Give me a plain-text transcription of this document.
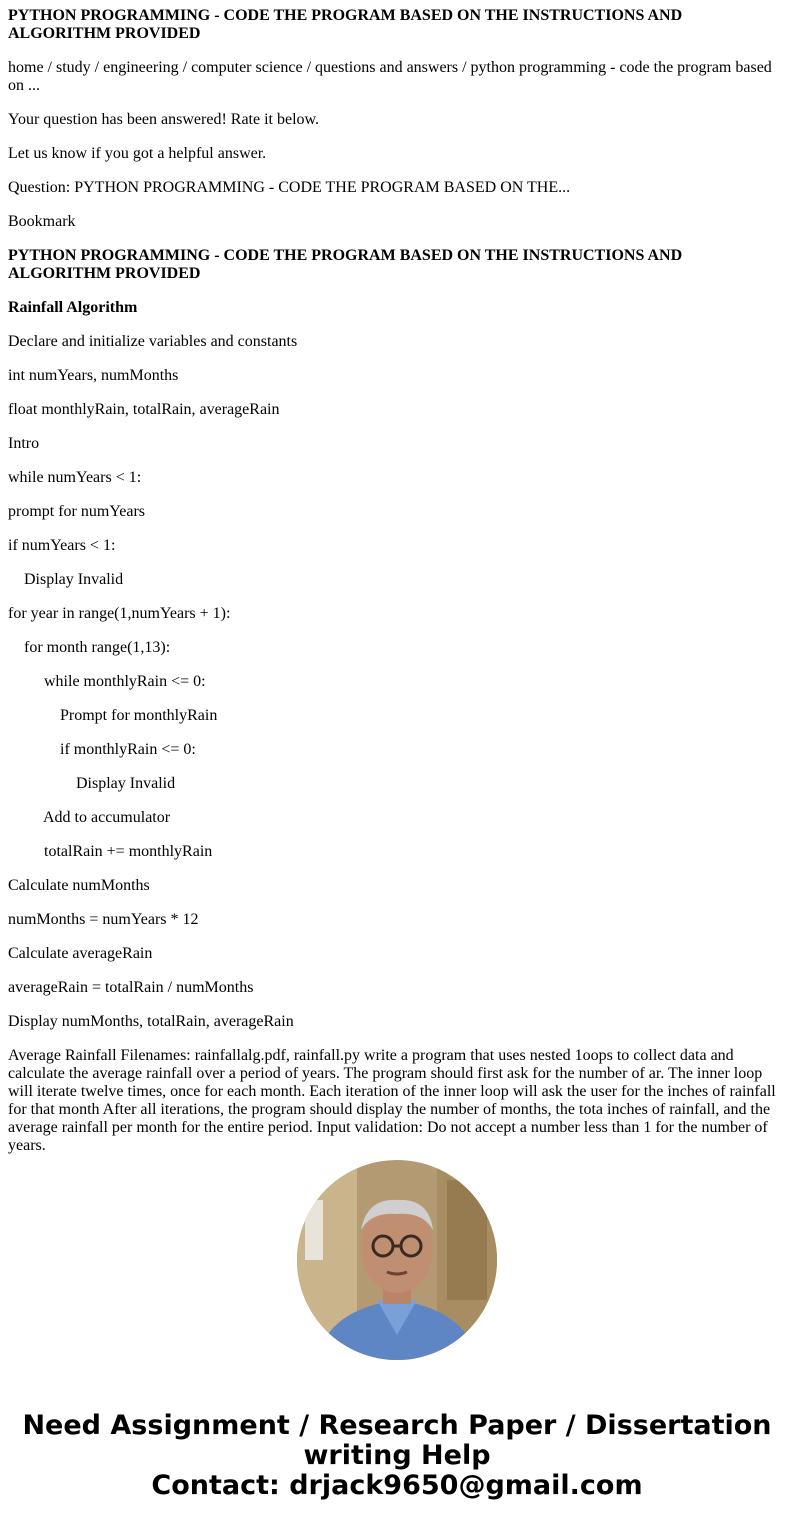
PYTHON PROGRAMMING - CODE THE PROGRAM BASED ON THE INSTRUCTIONS AND ALGORITHM PROVIDED

home / study / engineering / computer science / questions and answers / python programming - code the program based on ...

Your question has been answered! Rate it below.

Let us know if you got a helpful answer.

Question: PYTHON PROGRAMMING - CODE THE PROGRAM BASED ON THE...

Bookmark

PYTHON PROGRAMMING - CODE THE PROGRAM BASED ON THE INSTRUCTIONS AND ALGORITHM PROVIDED

Rainfall Algorithm

Declare and initialize variables and constants

int numYears, numMonths

float monthlyRain, totalRain, averageRain

Intro

while numYears < 1:

prompt for numYears

if numYears < 1:

Display Invalid

for year in range(1,numYears + 1):

for month range(1,13):

while monthlyRain <= 0:

Prompt for monthlyRain

if monthlyRain <= 0:

Display Invalid

Add to accumulator

totalRain += monthlyRain

Calculate numMonths

numMonths = numYears * 12

Calculate averageRain

averageRain = totalRain / numMonths

Display numMonths, totalRain, averageRain

Average Rainfall Filenames: rainfallalg.pdf, rainfall.py write a program that uses nested 1oops to collect data and calculate the average rainfall over a period of years. The program should first ask for the number of ar. The inner loop will iterate twelve times, once for each month. Each iteration of the inner loop will ask the user for the inches of rainfall for that month After all iterations, the program should display the number of months, the tota inches of rainfall, and the average rainfall per month for the entire period. Input validation: Do not accept a number less than 1 for the number of years.

Need Assignment / Research Paper / Dissertation
writing Help
Contact: drjack9650@gmail.com
